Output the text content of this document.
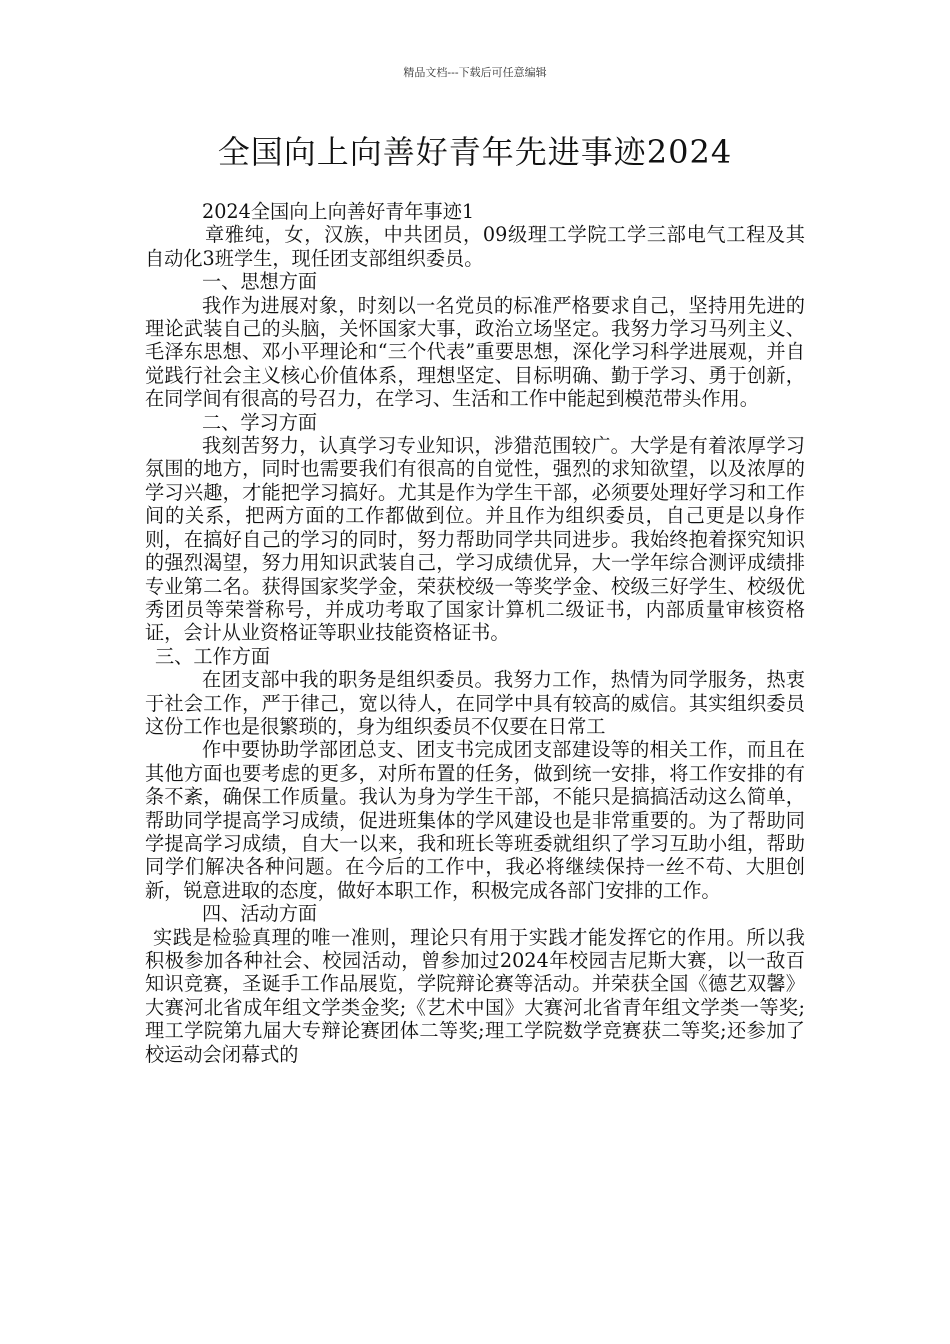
精品文档---下载后可任意编辑
全国向上向善好青年先进事迹2024

2024全国向上向善好青年事迹1

章雅纯，女，汉族，中共团员，09级理工学院工学三部电气工程及其自动化3班学生，现任团支部组织委员。

一、思想方面

我作为进展对象，时刻以一名党员的标准严格要求自己，坚持用先进的理论武装自己的头脑，关怀国家大事，政治立场坚定。我努力学习马列主义、毛泽东思想、邓小平理论和“三个代表”重要思想，深化学习科学进展观，并自觉践行社会主义核心价值体系，理想坚定、目标明确、勤于学习、勇于创新，在同学间有很高的号召力，在学习、生活和工作中能起到模范带头作用。

二、学习方面

我刻苦努力，认真学习专业知识，涉猎范围较广。大学是有着浓厚学习氛围的地方，同时也需要我们有很高的自觉性，强烈的求知欲望，以及浓厚的学习兴趣，才能把学习搞好。尤其是作为学生干部，必须要处理好学习和工作间的关系，把两方面的工作都做到位。并且作为组织委员，自己更是以身作则，在搞好自己的学习的同时，努力帮助同学共同进步。我始终抱着探究知识的强烈渴望，努力用知识武装自己，学习成绩优异，大一学年综合测评成绩排专业第二名。获得国家奖学金，荣获校级一等奖学金、校级三好学生、校级优秀团员等荣誉称号，并成功考取了国家计算机二级证书，内部质量审核资格证，会计从业资格证等职业技能资格证书。

三、工作方面

在团支部中我的职务是组织委员。我努力工作，热情为同学服务，热衷于社会工作，严于律己，宽以待人，在同学中具有较高的威信。其实组织委员这份工作也是很繁琐的，身为组织委员不仅要在日常工

作中要协助学部团总支、团支书完成团支部建设等的相关工作，而且在其他方面也要考虑的更多，对所布置的任务，做到统一安排，将工作安排的有条不紊，确保工作质量。我认为身为学生干部，不能只是搞搞活动这么简单，帮助同学提高学习成绩，促进班集体的学风建设也是非常重要的。为了帮助同学提高学习成绩，自大一以来，我和班长等班委就组织了学习互助小组，帮助同学们解决各种问题。在今后的工作中，我必将继续保持一丝不苟、大胆创新，锐意进取的态度，做好本职工作，积极完成各部门安排的工作。

四、活动方面

实践是检验真理的唯一准则，理论只有用于实践才能发挥它的作用。所以我积极参加各种社会、校园活动，曾参加过2024年校园吉尼斯大赛，以一敌百知识竞赛，圣诞手工作品展览，学院辩论赛等活动。并荣获全国《德艺双馨》大赛河北省成年组文学类金奖;《艺术中国》大赛河北省青年组文学类一等奖;理工学院第九届大专辩论赛团体二等奖;理工学院数学竞赛获二等奖;还参加了校运动会闭幕式的
